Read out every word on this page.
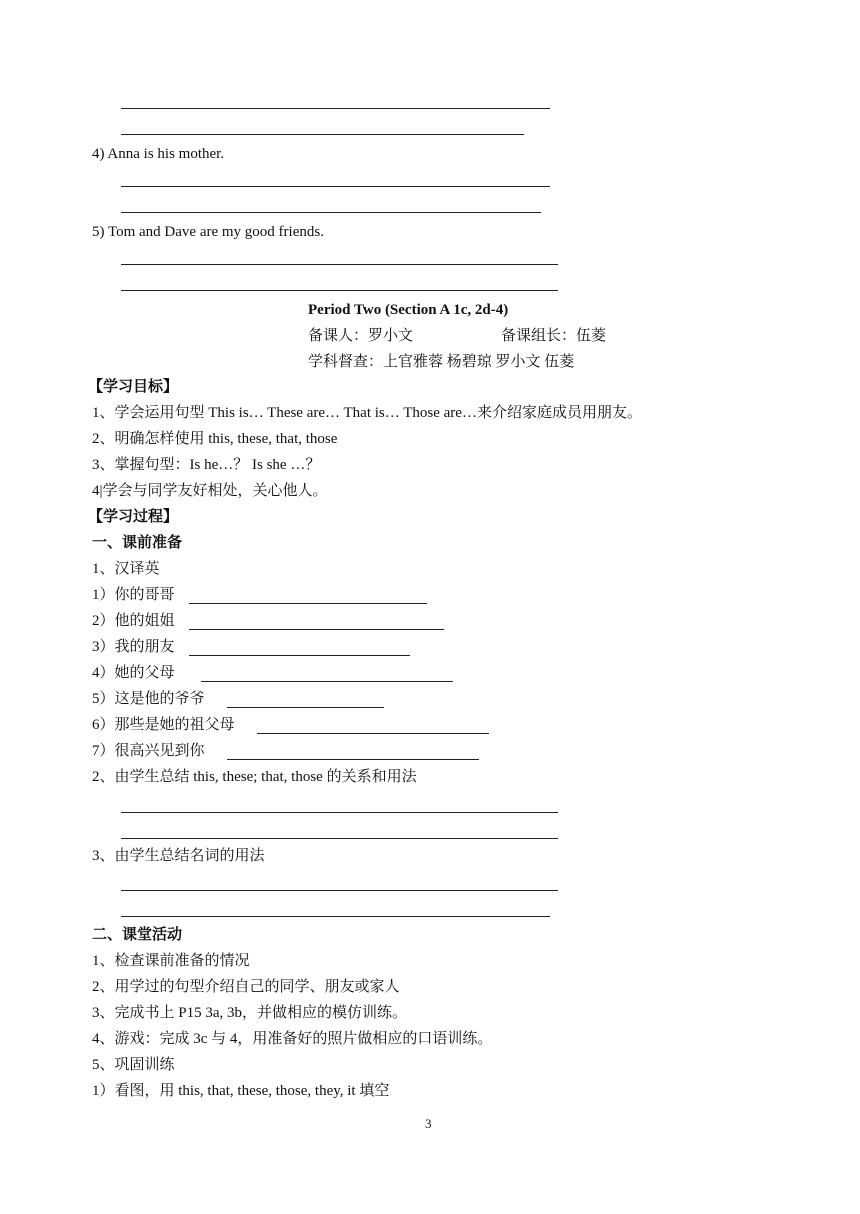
4) Anna is his mother.
5) Tom and Dave are my good friends.
Period Two (Section A 1c, 2d-4)
备课人：罗小文	备课组长：伍菱
学科督查：上官雅蓉 杨碧琼 罗小文 伍菱
【学习目标】
1、学会运用句型 This is… These are… That is… Those are…来介绍家庭成员用朋友。
2、明确怎样使用 this, these, that, those
3、掌握句型：Is he…？ Is she …？
4|学会与同学友好相处，关心他人。
【学习过程】
一、课前准备
1、汉译英
1）你的哥哥
2）他的姐姐
3）我的朋友
4）她的父母
5）这是他的爷爷
6）那些是她的祖父母
7）很高兴见到你
2、由学生总结 this, these; that, those 的关系和用法
3、由学生总结名词的用法
二、课堂活动
1、检查课前准备的情况
2、用学过的句型介绍自己的同学、朋友或家人
3、完成书上 P15 3a, 3b，并做相应的模仿训练。
4、游戏：完成 3c 与 4，用准备好的照片做相应的口语训练。
5、巩固训练
1）看图，用 this, that, these, those, they, it 填空
3
